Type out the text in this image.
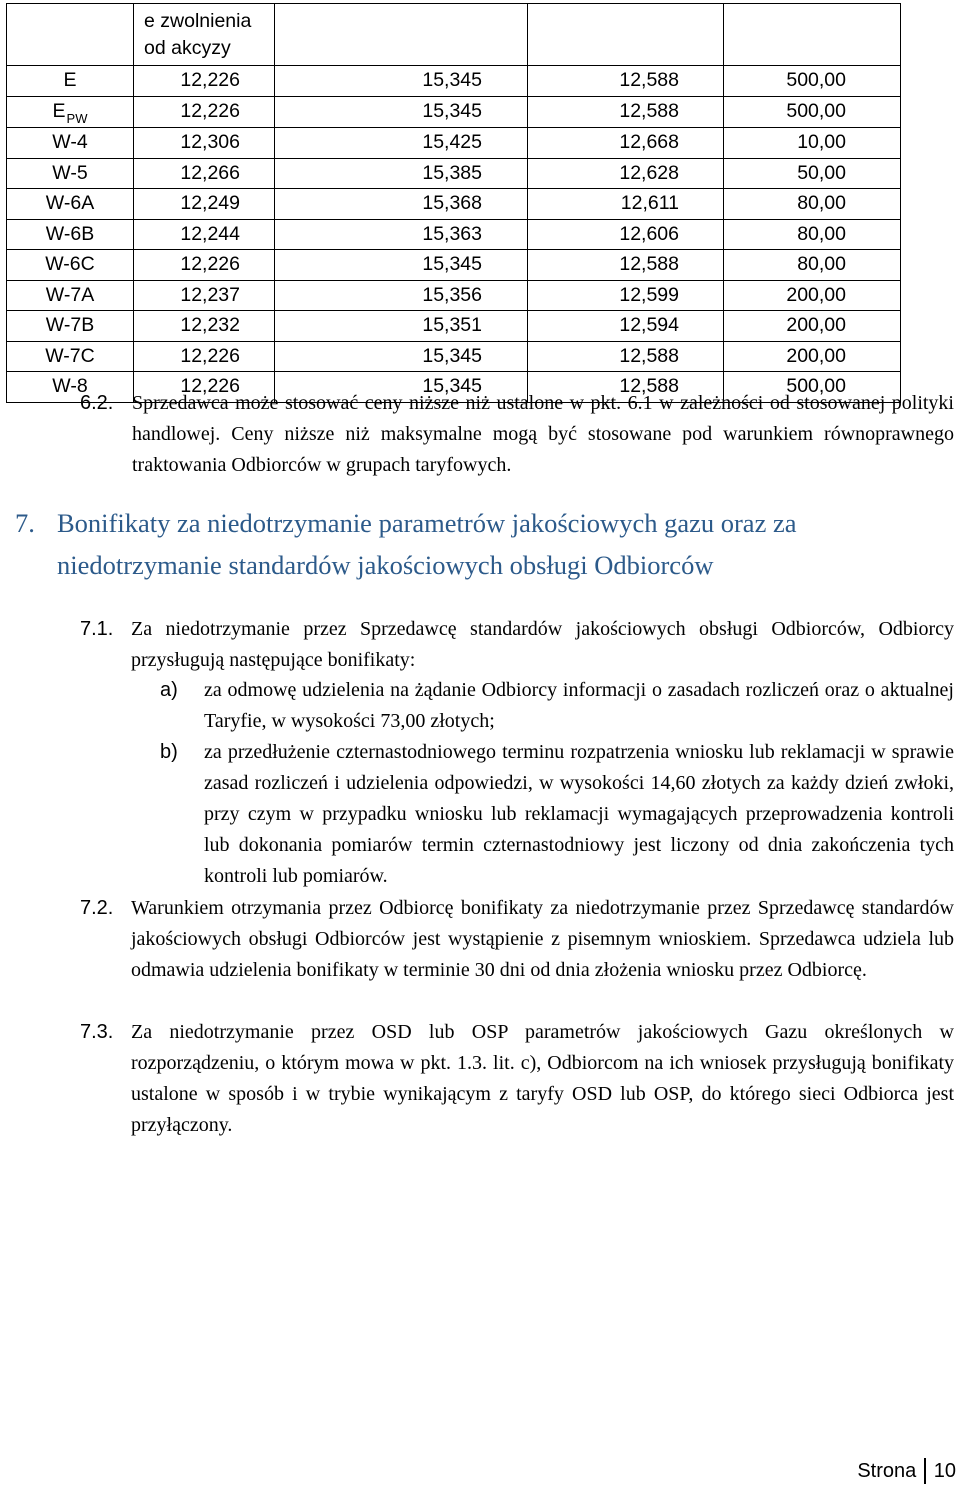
	e zwolnienia od akcyzy			
E	12,226	15,345	12,588	500,00
$E_{PW}$	12,226	15,345	12,588	500,00
W-4	12,306	15,425	12,668	10,00
W-5	12,266	15,385	12,628	50,00
W-6A	12,249	15,368	12,611	80,00
W-6B	12,244	15,363	12,606	80,00
W-6C	12,226	15,345	12,588	80,00
W-7A	12,237	15,356	12,599	200,00
W-7B	12,232	15,351	12,594	200,00
W-7C	12,226	15,345	12,588	200,00
W-8	12,226	15,345	12,588	500,00
6.2. Sprzedawca może stosować ceny niższe niż ustalone w pkt. 6.1 w zależności od stosowanej polityki handlowej. Ceny niższe niż maksymalne mogą być stosowane pod warunkiem równoprawnego traktowania Odbiorców w grupach taryfowych.
7. Bonifikaty za niedotrzymanie parametrów jakościowych gazu oraz za niedotrzymanie standardów jakościowych obsługi Odbiorców
7.1. Za niedotrzymanie przez Sprzedawcę standardów jakościowych obsługi Odbiorców, Odbiorcy przysługują następujące bonifikaty:
a) za odmowę udzielenia na żądanie Odbiorcy informacji o zasadach rozliczeń oraz o aktualnej Taryfie, w wysokości 73,00 złotych;
b) za przedłużenie czternastodniowego terminu rozpatrzenia wniosku lub reklamacji w sprawie zasad rozliczeń i udzielenia odpowiedzi, w wysokości 14,60 złotych za każdy dzień zwłoki, przy czym w przypadku wniosku lub reklamacji wymagających przeprowadzenia kontroli lub dokonania pomiarów termin czternastodniowy jest liczony od dnia zakończenia tych kontroli lub pomiarów.
7.2. Warunkiem otrzymania przez Odbiorcę bonifikaty za niedotrzymanie przez Sprzedawcę standardów jakościowych obsługi Odbiorców jest wystąpienie z pisemnym wnioskiem. Sprzedawca udziela lub odmawia udzielenia bonifikaty w terminie 30 dni od dnia złożenia wniosku przez Odbiorcę.
7.3. Za niedotrzymanie przez OSD lub OSP parametrów jakościowych Gazu określonych w rozporządzeniu, o którym mowa w pkt. 1.3. lit. c), Odbiorcom na ich wniosek przysługują bonifikaty ustalone w sposób i w trybie wynikającym z taryfy OSD lub OSP, do którego sieci Odbiorca jest przyłączony.
Strona 10
